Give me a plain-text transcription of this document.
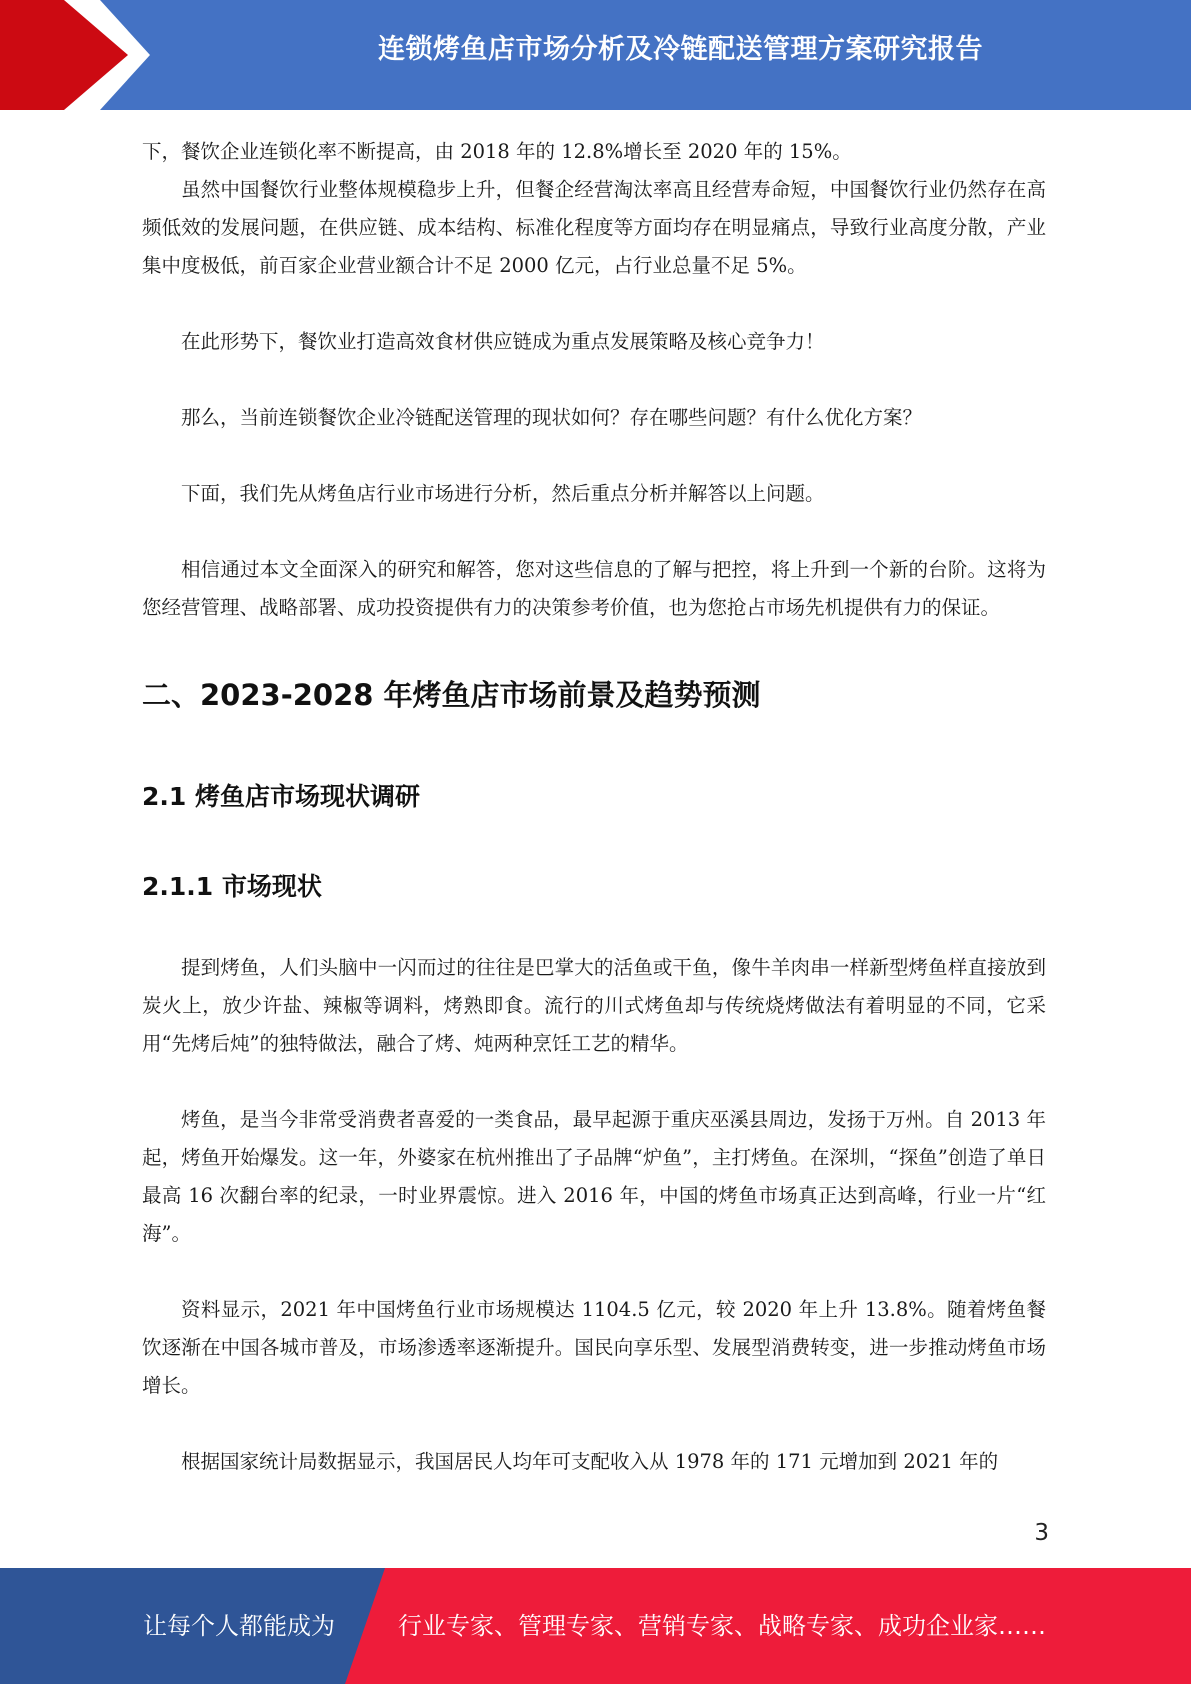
连锁烤鱼店市场分析及冷链配送管理方案研究报告

下，餐饮企业连锁化率不断提高，由 2018 年的 12.8%增长至 2020 年的 15%。

虽然中国餐饮行业整体规模稳步上升，但餐企经营淘汰率高且经营寿命短，中国餐饮行业仍然存在高频低效的发展问题，在供应链、成本结构、标准化程度等方面均存在明显痛点，导致行业高度分散，产业集中度极低，前百家企业营业额合计不足 2000 亿元，占行业总量不足 5%。

在此形势下，餐饮业打造高效食材供应链成为重点发展策略及核心竞争力！

那么，当前连锁餐饮企业冷链配送管理的现状如何？存在哪些问题？有什么优化方案？

下面，我们先从烤鱼店行业市场进行分析，然后重点分析并解答以上问题。

相信通过本文全面深入的研究和解答，您对这些信息的了解与把控，将上升到一个新的台阶。这将为您经营管理、战略部署、成功投资提供有力的决策参考价值，也为您抢占市场先机提供有力的保证。

二、2023-2028 年烤鱼店市场前景及趋势预测
2.1 烤鱼店市场现状调研
2.1.1 市场现状

提到烤鱼，人们头脑中一闪而过的往往是巴掌大的活鱼或干鱼，像牛羊肉串一样新型烤鱼样直接放到炭火上，放少许盐、辣椒等调料，烤熟即食。流行的川式烤鱼却与传统烧烤做法有着明显的不同，它采用“先烤后炖”的独特做法，融合了烤、炖两种烹饪工艺的精华。

烤鱼，是当今非常受消费者喜爱的一类食品，最早起源于重庆巫溪县周边，发扬于万州。自 2013 年起，烤鱼开始爆发。这一年，外婆家在杭州推出了子品牌“炉鱼”，主打烤鱼。在深圳，“探鱼”创造了单日最高 16 次翻台率的纪录，一时业界震惊。进入 2016 年，中国的烤鱼市场真正达到高峰，行业一片“红海”。

资料显示，2021 年中国烤鱼行业市场规模达 1104.5 亿元，较 2020 年上升 13.8%。随着烤鱼餐饮逐渐在中国各城市普及，市场渗透率逐渐提升。国民向享乐型、发展型消费转变，进一步推动烤鱼市场增长。

根据国家统计局数据显示，我国居民人均年可支配收入从 1978 年的 171 元增加到 2021 年的

3
让每个人都能成为	行业专家、管理专家、营销专家、战略专家、成功企业家……
